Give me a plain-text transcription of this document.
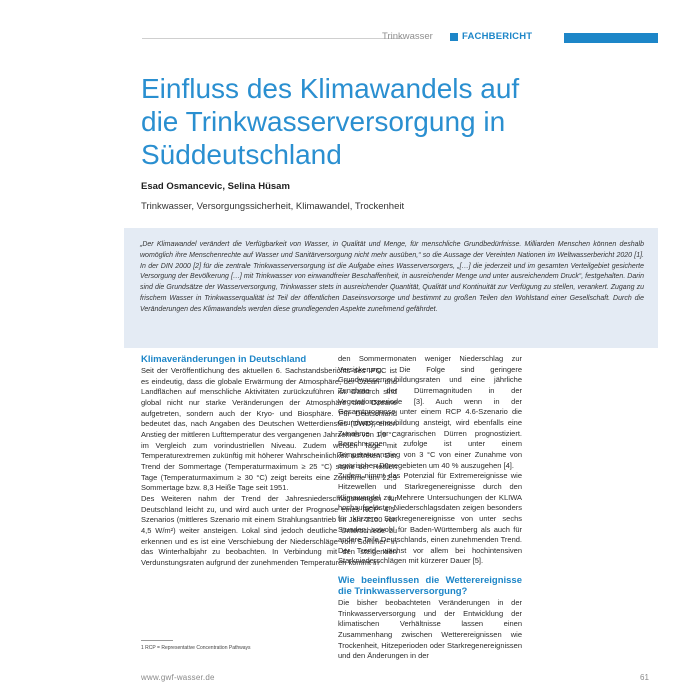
Trinkwasser	FACHBERICHT
Einfluss des Klimawandels auf
die Trinkwasserversorgung in
Süddeutschland
Esad Osmancevic, Selina Hüsam
Trinkwasser, Versorgungssicherheit, Klimawandel, Trockenheit

„Der Klimawandel verändert die Verfügbarkeit von Wasser, in Qualität und Menge, für menschliche Grundbedürfnisse. Milliarden Menschen können deshalb womöglich ihre Menschenrechte auf Wasser und Sanitärversorgung nicht mehr ausüben,“ so die Aussage der Vereinten Nationen im Weltwasserbericht 2020 [1]. In der DIN 2000 [2] für die zentrale Trinkwasserversorgung ist die Aufgabe eines Wasserversorgers, „[…] die jederzeit und im gesamten Verteilgebiet gesicherte Versorgung der Bevölkerung […] mit Trinkwasser von einwandfreier Beschaffenheit, in ausreichender Menge und unter ausreichendem Druck“, festgehalten. Darin sind die Grundsätze der Wasserversorgung, Trinkwasser stets in ausreichender Quantität, Qualität und Kontinuität zur Verfügung zu stellen, verankert. Zugang zu frischem Wasser in Trinkwasserqualität ist Teil der öffentlichen Daseinsvorsorge und bestimmt zu großen Teilen den Wohlstand einer Gesellschaft. Durch die Veränderungen des Klimawandels werden diese grundlegenden Aspekte zunehmend gefährdet.

Klimaveränderungen in Deutschland

Seit der Veröffentlichung des aktuellen 6. Sachstandsberichts des IPCC ist es eindeutig, dass die globale Erwärmung der Atmosphäre, der Ozean- und Landflächen auf menschliche Aktivitäten zurückzuführen ist. Dadurch sind global nicht nur starke Veränderungen der Atmosphäre und Ozeane aufgetreten, sondern auch der Kryo- und Biosphäre. Für Deutschland bedeutet das, nach Angaben des Deutschen Wetterdienstes (DWD), einen Anstieg der mittleren Lufttemperatur des vergangenen Jahrzehnts von 1,9 °C im Vergleich zum vorindustriellen Niveau. Zudem werden Tage mit Temperaturextremen zukünftig mit höherer Wahrscheinlichkeit auftreten. Der Trend der Sommertage (Temperaturmaximum ≥ 25 °C) sowie der Heißen Tage (Temperaturmaximum ≥ 30 °C) zeigt bereits eine Zunahme um 22,9 Sommertage bzw. 8,3 Heiße Tage seit 1951.

Des Weiteren nahm der Trend der Jahresniederschlagsmengen für Deutschland leicht zu, und wird auch unter der Prognose eines RCP¹ 4.5-Szenarios (mittleres Szenario mit einem Strahlungsantrieb im Jahr 2100 von 4,5 W/m²) weiter ansteigen. Lokal sind jedoch deutliche Unterschiede zu erkennen und es ist eine Verschiebung der Niederschläge vom Sommer- in das Winterhalbjahr zu beobachten. In Verbindung mit den steigenden Verdunstungsraten aufgrund der zunehmenden Temperaturen kommt in

den Sommermonaten weniger Niederschlag zur Versickerung. Die Folge sind geringere Grundwasserneubildungsraten und eine jährliche Zunahme der Dürremagnituden in der Vegetationsperiode [3]. Auch wenn in der Gesamtprognose unter einem RCP 4.6-Szenario die Grundwasserneubildung ansteigt, wird ebenfalls eine Zunahme der agrarischen Dürren prognostiziert. Berechnungen zufolge ist unter einem Temperaturanstieg von 3 °C von einer Zunahme von agrarischen Dürregebieten um 40 % auszugehen [4].

Zudem nimmt das Potenzial für Extremereignisse wie Hitzewellen und Starkregenereignisse durch den Klimawandel zu. Mehrere Untersuchungen der KLIWA hochaufgelöster Niederschlagsdaten zeigen besonders für kürzere Starkregenereignisse von unter sechs Stunden, sowohl für Baden-Württemberg als auch für andere Teile Deutschlands, einen zunehmenden Trend. Der Trend wächst vor allem bei hochintensiven Starkniederschlägen mit kürzerer Dauer [5].

Wie beeinflussen die Wetterereignisse die Trinkwasserversorgung?

Die bisher beobachteten Veränderungen in der Trinkwasserversorgung und der Entwicklung der klimatischen Verhältnisse lassen einen Zusammenhang zwischen Wetterereignissen wie Trockenheit, Hitzeperioden oder Starkregenereignissen und den Änderungen in der

1 RCP = Representative Concentration Pathways
www.gwf-wasser.de	61
